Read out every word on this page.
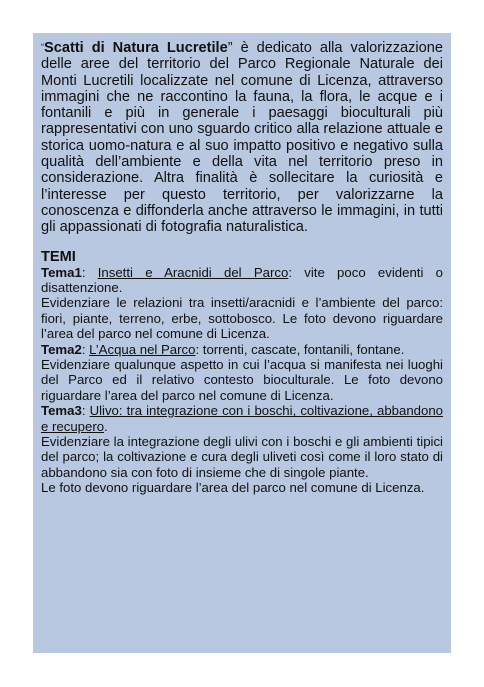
“Scatti di Natura Lucretile” è dedicato alla valorizzazione delle aree del territorio del Parco Regionale Naturale dei Monti Lucretili localizzate nel comune di Licenza, attraverso immagini che ne raccontino la fauna, la flora, le acque e i fontanili e più in generale i paesaggi bioculturali più rappresentativi con uno sguardo critico alla relazione attuale e storica uomo-natura e al suo impatto positivo e negativo sulla qualità dell’ambiente e della vita nel territorio preso in considerazione. Altra finalità è sollecitare la curiosità e l’interesse per questo territorio, per valorizzarne la conoscenza e diffonderla anche attraverso le immagini, in tutti gli appassionati di fotografia naturalistica.

TEMI

Tema1: Insetti e Aracnidi del Parco: vite poco evidenti o disattenzione.

Evidenziare le relazioni tra insetti/aracnidi e l’ambiente del parco: fiori, piante, terreno, erbe, sottobosco. Le foto devono riguardare l’area del parco nel comune di Licenza.

Tema2: L’Acqua nel Parco: torrenti, cascate, fontanili, fontane.

Evidenziare qualunque aspetto in cui l’acqua si manifesta nei luoghi del Parco ed il relativo contesto bioculturale. Le foto devono riguardare l’area del parco nel comune di Licenza.

Tema3: Ulivo: tra integrazione con i boschi, coltivazione, abbandono e recupero.

Evidenziare la integrazione degli ulivi con i boschi e gli ambienti tipici del parco; la coltivazione e cura degli uliveti così come il loro stato di abbandono sia con foto di insieme che di singole piante.

Le foto devono riguardare l’area del parco nel comune di Licenza.
